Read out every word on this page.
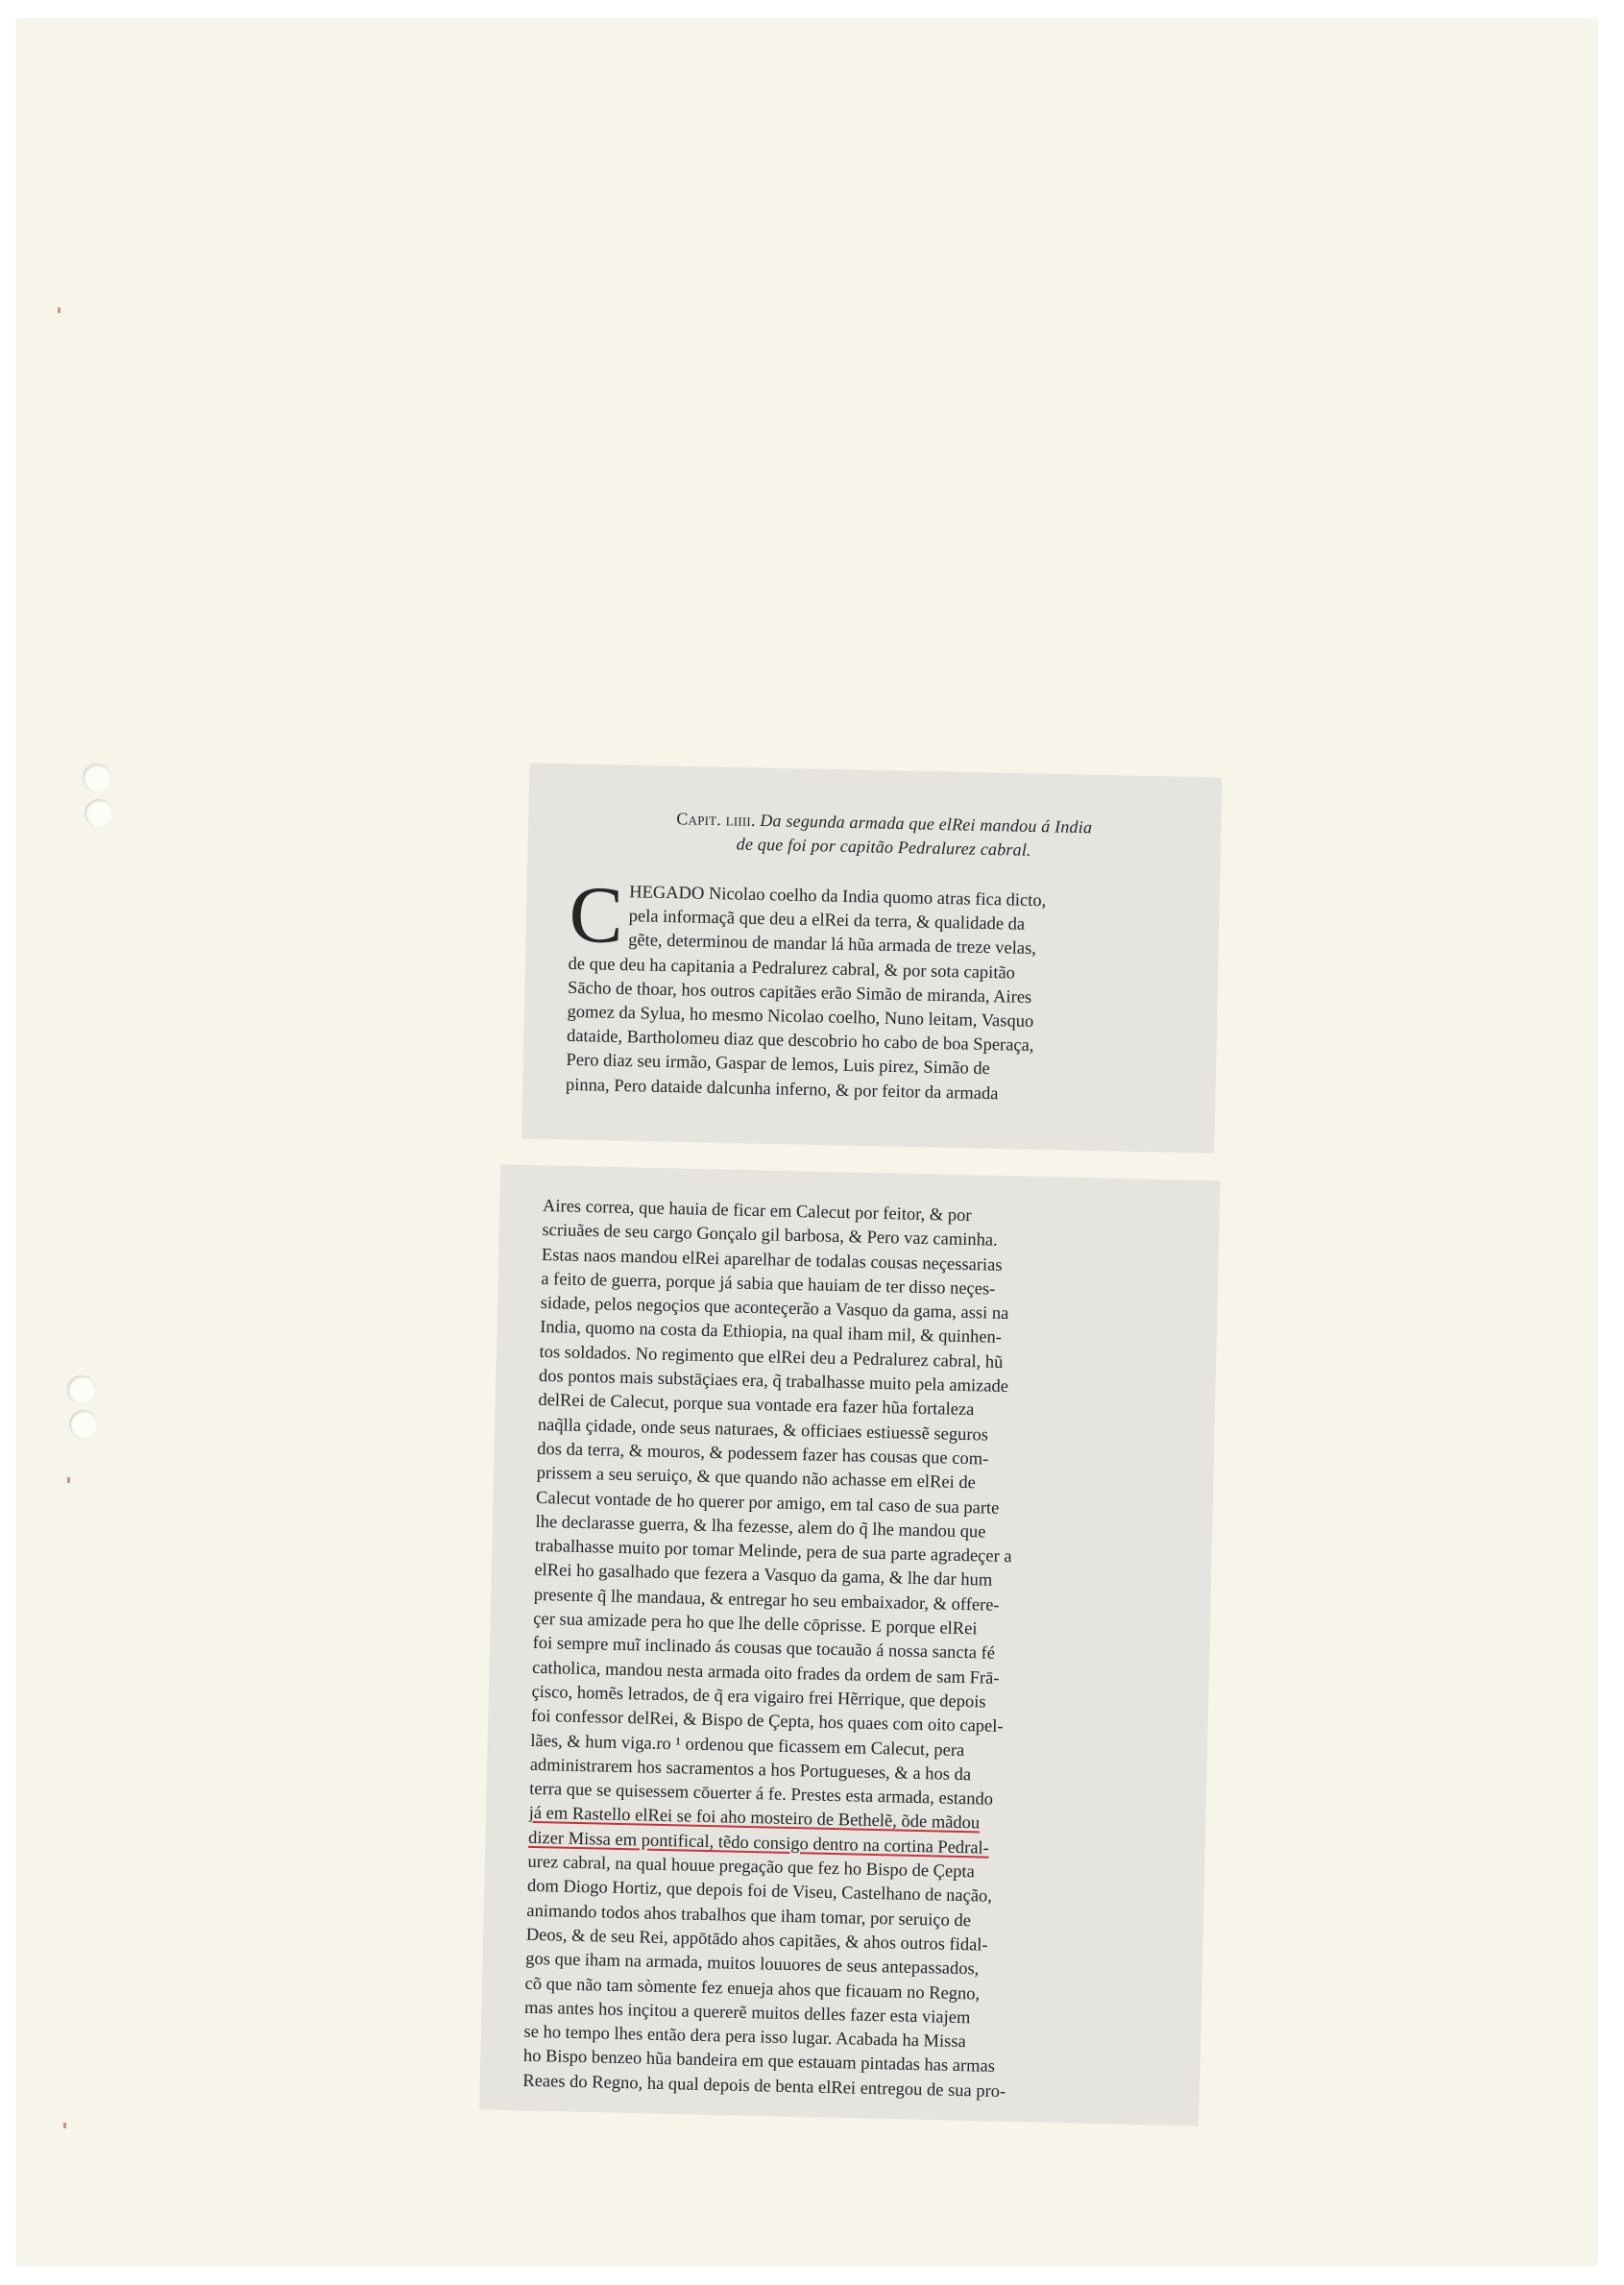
Capit. liiii. Da segunda armada que elRei mandou á India
de que foi por capitão Pedralurez cabral.
C HEGADO Nicolao coelho da India quomo atras fica dicto,
pela informaçã que deu a elRei da terra, & qualidade da
gẽte, determinou de mandar lá hũa armada de treze velas,
de que deu ha capitania a Pedralurez cabral, & por sota capitão
Sācho de thoar, hos outros capitães erão Simão de miranda, Aires
gomez da Sylua, ho mesmo Nicolao coelho, Nuno leitam, Vasquo
dataide, Bartholomeu diaz que descobrio ho cabo de boa Speraça,
Pero diaz seu irmão, Gaspar de lemos, Luis pirez, Simão de
pinna, Pero dataide dalcunha inferno, & por feitor da armada
Aires correa, que hauia de ficar em Calecut por feitor, & por
scriuães de seu cargo Gonçalo gil barbosa, & Pero vaz caminha.
Estas naos mandou elRei aparelhar de todalas cousas neçessarias
a feito de guerra, porque já sabia que hauiam de ter disso neçes-
sidade, pelos negoçios que aconteçerão a Vasquo da gama, assi na
India, quomo na costa da Ethiopia, na qual iham mil, & quinhen-
tos soldados. No regimento que elRei deu a Pedralurez cabral, hũ
dos pontos mais substāçiaes era, q̃ trabalhasse muito pela amizade
delRei de Calecut, porque sua vontade era fazer hũa fortaleza
naq̃lla çidade, onde seus naturaes, & officiaes estiuessẽ seguros
dos da terra, & mouros, & podessem fazer has cousas que com-
prissem a seu seruiço, & que quando não achasse em elRei de
Calecut vontade de ho querer por amigo, em tal caso de sua parte
lhe declarasse guerra, & lha fezesse, alem do q̃ lhe mandou que
trabalhasse muito por tomar Melinde, pera de sua parte agradeçer a
elRei ho gasalhado que fezera a Vasquo da gama, & lhe dar hum
presente q̃ lhe mandaua, & entregar ho seu embaixador, & offere-
çer sua amizade pera ho que lhe delle cōprisse. E porque elRei
foi sempre muĩ inclinado ás cousas que tocauão á nossa sancta fé
catholica, mandou nesta armada oito frades da ordem de sam Frā-
çisco, homẽs letrados, de q̃ era vigairo frei Hẽrrique, que depois
foi confessor delRei, & Bispo de Çepta, hos quaes com oito capel-
lães, & hum viga.ro ¹ ordenou que ficassem em Calecut, pera
administrarem hos sacramentos a hos Portugueses, & a hos da
terra que se quisessem cōuerter á fe. Prestes esta armada, estando
já em Rastello elRei se foi aho mosteiro de Bethelẽ, õde mãdou
dizer Missa em pontifical, tẽdo consigo dentro na cortina Pedral-
urez cabral, na qual houue pregação que fez ho Bispo de Çepta
dom Diogo Hortiz, que depois foi de Viseu, Castelhano de nação,
animando todos ahos trabalhos que iham tomar, por seruiço de
Deos, & de seu Rei, appōtādo ahos capitães, & ahos outros fidal-
gos que iham na armada, muitos louuores de seus antepassados,
cõ que não tam sòmente fez enueja ahos que ficauam no Regno,
mas antes hos inçitou a quererẽ muitos delles fazer esta viajem
se ho tempo lhes então dera pera isso lugar. Acabada ha Missa
ho Bispo benzeo hũa bandeira em que estauam pintadas has armas
Reaes do Regno, ha qual depois de benta elRei entregou de sua pro-
